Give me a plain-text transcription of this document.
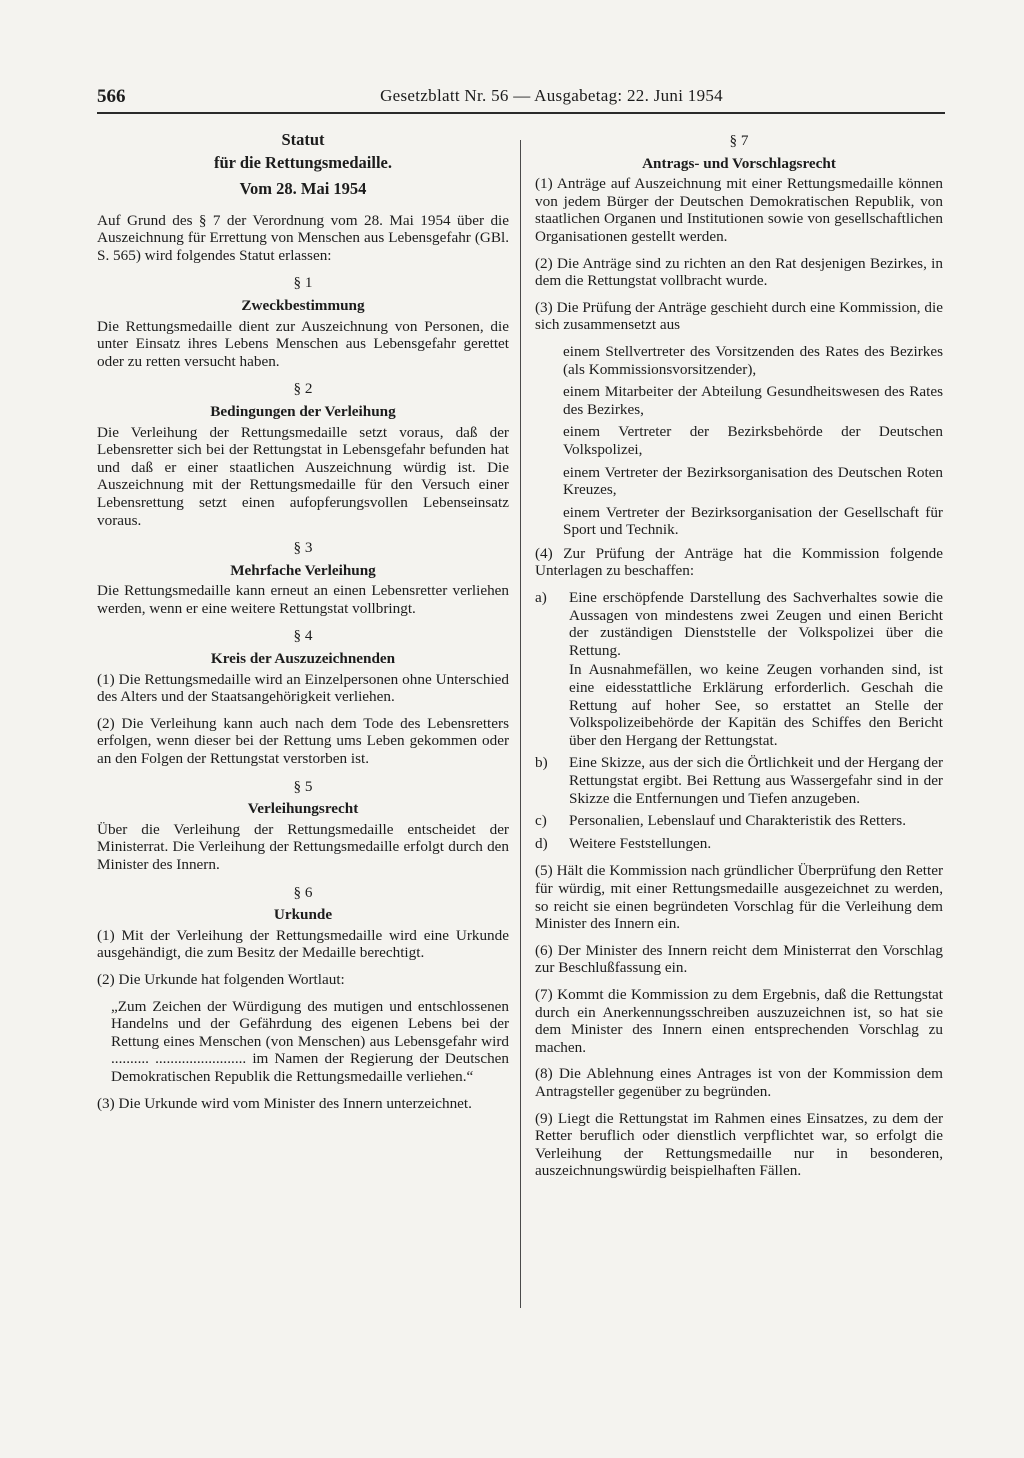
566	Gesetzblatt Nr. 56 — Ausgabetag: 22. Juni 1954
Statut
für die Rettungsmedaille.
Vom 28. Mai 1954

Auf Grund des § 7 der Verordnung vom 28. Mai 1954 über die Auszeichnung für Errettung von Menschen aus Lebensgefahr (GBl. S. 565) wird folgendes Statut erlassen:

§ 1
Zweckbestimmung

Die Rettungsmedaille dient zur Auszeichnung von Personen, die unter Einsatz ihres Lebens Menschen aus Lebensgefahr gerettet oder zu retten versucht haben.

§ 2
Bedingungen der Verleihung

Die Verleihung der Rettungsmedaille setzt voraus, daß der Lebensretter sich bei der Rettungstat in Lebensgefahr befunden hat und daß er einer staatlichen Auszeichnung würdig ist. Die Auszeichnung mit der Rettungsmedaille für den Versuch einer Lebensrettung setzt einen aufopferungsvollen Lebenseinsatz voraus.

§ 3
Mehrfache Verleihung

Die Rettungsmedaille kann erneut an einen Lebensretter verliehen werden, wenn er eine weitere Rettungstat vollbringt.

§ 4
Kreis der Auszuzeichnenden

(1) Die Rettungsmedaille wird an Einzelpersonen ohne Unterschied des Alters und der Staatsangehörigkeit verliehen.

(2) Die Verleihung kann auch nach dem Tode des Lebensretters erfolgen, wenn dieser bei der Rettung ums Leben gekommen oder an den Folgen der Rettungstat verstorben ist.

§ 5
Verleihungsrecht

Über die Verleihung der Rettungsmedaille entscheidet der Ministerrat. Die Verleihung der Rettungsmedaille erfolgt durch den Minister des Innern.

§ 6
Urkunde

(1) Mit der Verleihung der Rettungsmedaille wird eine Urkunde ausgehändigt, die zum Besitz der Medaille berechtigt.

(2) Die Urkunde hat folgenden Wortlaut:

„Zum Zeichen der Würdigung des mutigen und entschlossenen Handelns und der Gefährdung des eigenen Lebens bei der Rettung eines Menschen (von Menschen) aus Lebensgefahr wird .......... ........................ im Namen der Regierung der Deutschen Demokratischen Republik die Rettungsmedaille verliehen.“

(3) Die Urkunde wird vom Minister des Innern unterzeichnet.

§ 7
Antrags- und Vorschlagsrecht

(1) Anträge auf Auszeichnung mit einer Rettungsmedaille können von jedem Bürger der Deutschen Demokratischen Republik, von staatlichen Organen und Institutionen sowie von gesellschaftlichen Organisationen gestellt werden.

(2) Die Anträge sind zu richten an den Rat desjenigen Bezirkes, in dem die Rettungstat vollbracht wurde.

(3) Die Prüfung der Anträge geschieht durch eine Kommission, die sich zusammensetzt aus

einem Stellvertreter des Vorsitzenden des Rates des Bezirkes (als Kommissionsvorsitzender),

einem Mitarbeiter der Abteilung Gesundheitswesen des Rates des Bezirkes,

einem Vertreter der Bezirksbehörde der Deutschen Volkspolizei,

einem Vertreter der Bezirksorganisation des Deutschen Roten Kreuzes,

einem Vertreter der Bezirksorganisation der Gesellschaft für Sport und Technik.

(4) Zur Prüfung der Anträge hat die Kommission folgende Unterlagen zu beschaffen:

a)	Eine erschöpfende Darstellung des Sachverhaltes sowie die Aussagen von mindestens zwei Zeugen und einen Bericht der zuständigen Dienststelle der Volkspolizei über die Rettung.

In Ausnahmefällen, wo keine Zeugen vorhanden sind, ist eine eidesstattliche Erklärung erforderlich. Geschah die Rettung auf hoher See, so erstattet an Stelle der Volkspolizeibehörde der Kapitän des Schiffes den Bericht über den Hergang der Rettungstat.

b)	Eine Skizze, aus der sich die Örtlichkeit und der Hergang der Rettungstat ergibt. Bei Rettung aus Wassergefahr sind in der Skizze die Entfernungen und Tiefen anzugeben.

c)	Personalien, Lebenslauf und Charakteristik des Retters.

d)	Weitere Feststellungen.

(5) Hält die Kommission nach gründlicher Überprüfung den Retter für würdig, mit einer Rettungsmedaille ausgezeichnet zu werden, so reicht sie einen begründeten Vorschlag für die Verleihung dem Minister des Innern ein.

(6) Der Minister des Innern reicht dem Ministerrat den Vorschlag zur Beschlußfassung ein.

(7) Kommt die Kommission zu dem Ergebnis, daß die Rettungstat durch ein Anerkennungsschreiben auszuzeichnen ist, so hat sie dem Minister des Innern einen entsprechenden Vorschlag zu machen.

(8) Die Ablehnung eines Antrages ist von der Kommission dem Antragsteller gegenüber zu begründen.

(9) Liegt die Rettungstat im Rahmen eines Einsatzes, zu dem der Retter beruflich oder dienstlich verpflichtet war, so erfolgt die Verleihung der Rettungsmedaille nur in besonderen, auszeichnungswürdig beispielhaften Fällen.
